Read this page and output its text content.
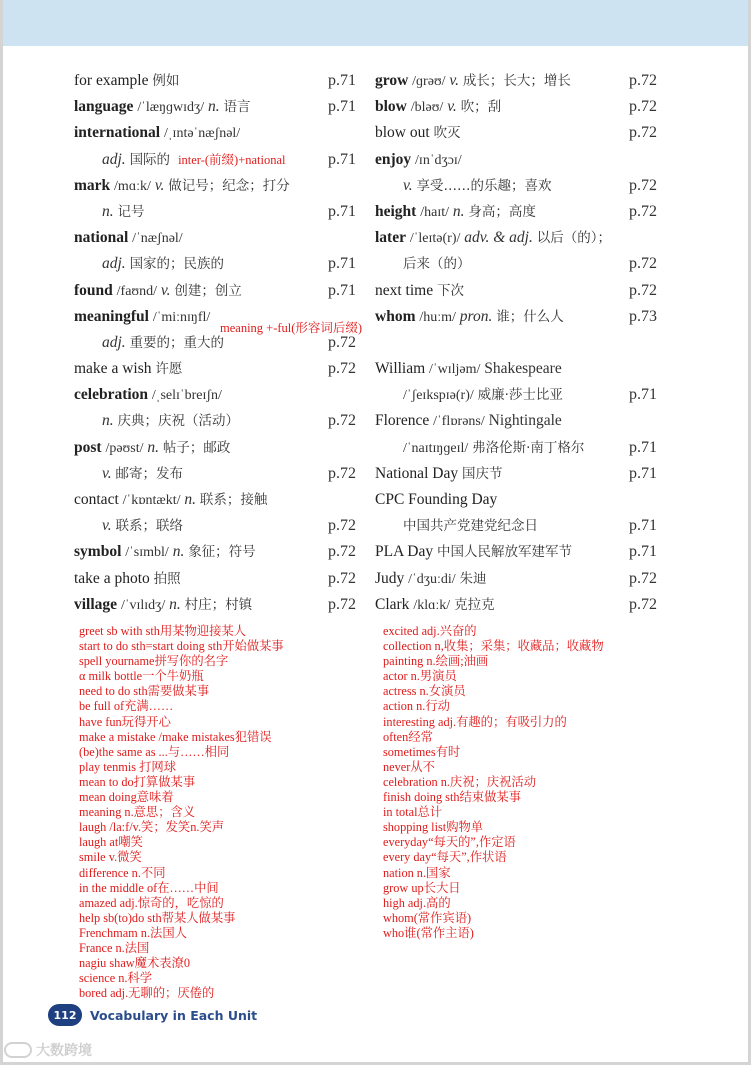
for example 例如	p.71
language /ˈlæŋɡwɪdʒ/ n. 语言	p.71
international /ˌɪntəˈnæʃnəl/
adj. 国际的 inter-(前缀)+national	p.71
mark /mɑːk/ v. 做记号；纪念；打分
n. 记号	p.71
national /ˈnæʃnəl/
adj. 国家的；民族的	p.71
found /faʊnd/ v. 创建；创立	p.71
meaningful /ˈmiːnɪŋfl/
adj. 重要的；重大的	p.72
make a wish 许愿	p.72
celebration /ˌselɪˈbreɪʃn/
n. 庆典；庆祝（活动）	p.72
post /pəʊst/ n. 帖子；邮政
v. 邮寄；发布	p.72
contact /ˈkɒntækt/ n. 联系；接触
v. 联系；联络	p.72
symbol /ˈsɪmbl/ n. 象征；符号	p.72
take a photo 拍照	p.72
village /ˈvɪlɪdʒ/ n. 村庄；村镇	p.72
grow /ɡrəʊ/ v. 成长；长大；增长	p.72
blow /bləʊ/ v. 吹；刮	p.72
blow out 吹灭	p.72
enjoy /ɪnˈdʒɔɪ/
v. 享受……的乐趣；喜欢	p.72
height /haɪt/ n. 身高；高度	p.72
later /ˈleɪtə(r)/ adv. & adj. 以后（的）；
后来（的）	p.72
next time 下次	p.72
whom /huːm/ pron. 谁；什么人	p.73
William /ˈwɪljəm/ Shakespeare
/ˈʃeɪkspɪə(r)/ 威廉·莎士比亚	p.71
Florence /ˈflɒrəns/ Nightingale
/ˈnaɪtɪŋɡeɪl/ 弗洛伦斯·南丁格尔	p.71
National Day 国庆节	p.71
CPC Founding Day
中国共产党建党纪念日	p.71
PLA Day 中国人民解放军建军节	p.71
Judy /ˈdʒuːdi/ 朱迪	p.72
Clark /klɑːk/ 克拉克	p.72
meaning +-ful(形容词后缀)
greet sb with sth用某物迎接某人
start to do sth=start doing sth开始做某事
spell yourname拼写你的名字
α milk bottle一个牛奶瓶
need to do sth需要做某事
be full of充满……
have fun玩得开心
make a mistake /make mistakes犯错误
(be)the same as ...与……相同
play tenmis 打网球
mean to do打算做某事
mean doing意味着
meaning n.意思；含义
laugh /la:f/v.笑；发笑n.笑声
laugh at嘲笑
smile v.微笑
difference n.不同
in the middle of在……中间
amazed adj.惊奇的，吃惊的
help sb(to)do sth帮某人做某事
Frenchmam n.法国人
France n.法国
nagiu shaw魔术表潦0
science n.科学
bored adj.无聊的；厌倦的
excited adj.兴奋的
collection n,收集；采集；收藏品；收藏物
painting n.绘画;油画
actor n.男演员
actress n.女演员
action n.行动
interesting adj.有趣的；有吸引力的
often经常
sometimes有时
never从不
celebration n.庆祝；庆祝活动
finish doing sth结束做某事
in total总计
shopping list购物单
everyday“每天的”,作定语
every day“每天”,作状语
nation n.国家
grow up长大日
high adj.高的
whom(常作宾语)
who谁(常作主语)
112	Vocabulary in Each Unit
大数跨境
